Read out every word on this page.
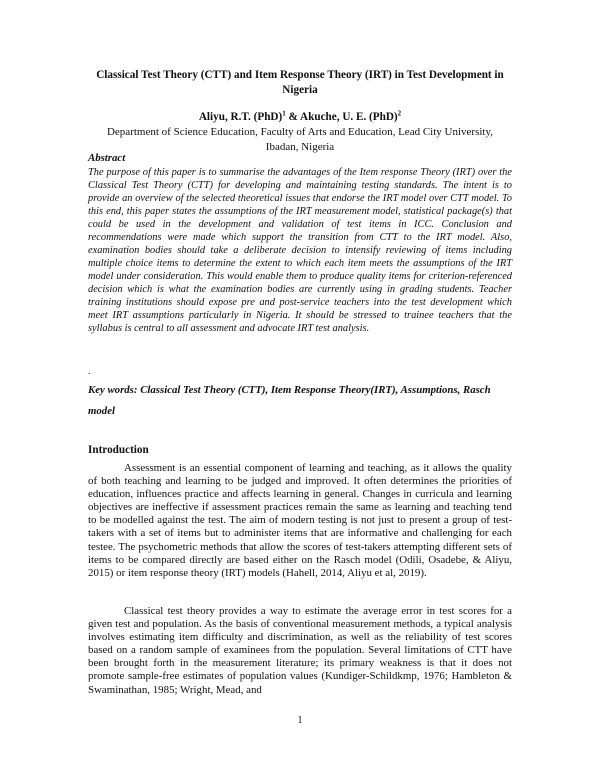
Classical Test Theory (CTT) and Item Response Theory (IRT) in Test Development in Nigeria
Aliyu, R.T. (PhD)$^1$ & Akuche, U. E. (PhD)$^2$
Department of Science Education, Faculty of Arts and Education, Lead City University,
Ibadan, Nigeria
Abstract

The purpose of this paper is to summarise the advantages of the Item response Theory (IRT) over the Classical Test Theory (CTT) for developing and maintaining testing standards. The intent is to provide an overview of the selected theoretical issues that endorse the IRT model over CTT model. To this end, this paper states the assumptions of the IRT measurement model, statistical package(s) that could be used in the development and validation of test items in ICC. Conclusion and recommendations were made which support the transition from CTT to the IRT model. Also, examination bodies should take a deliberate decision to intensify reviewing of items including multiple choice items to determine the extent to which each item meets the assumptions of the IRT model under consideration. This would enable them to produce quality items for criterion-referenced decision which is what the examination bodies are currently using in grading students. Teacher training institutions should expose pre and post-service teachers into the test development which meet IRT assumptions particularly in Nigeria. It should be stressed to trainee teachers that the syllabus is central to all assessment and advocate IRT test analysis.

.
Key words: Classical Test Theory (CTT), Item Response Theory(IRT), Assumptions, Rasch model
Introduction

Assessment is an essential component of learning and teaching, as it allows the quality of both teaching and learning to be judged and improved. It often determines the priorities of education, influences practice and affects learning in general. Changes in curricula and learning objectives are ineffective if assessment practices remain the same as learning and teaching tend to be modelled against the test. The aim of modern testing is not just to present a group of test-takers with a set of items but to administer items that are informative and challenging for each testee. The psychometric methods that allow the scores of test-takers attempting different sets of items to be compared directly are based either on the Rasch model (Odili, Osadebe, & Aliyu, 2015) or item response theory (IRT) models (Hahell, 2014, Aliyu et al, 2019).

Classical test theory provides a way to estimate the average error in test scores for a given test and population. As the basis of conventional measurement methods, a typical analysis involves estimating item difficulty and discrimination, as well as the reliability of test scores based on a random sample of examinees from the population. Several limitations of CTT have been brought forth in the measurement literature; its primary weakness is that it does not promote sample-free estimates of population values (Kundiger-Schildkmp, 1976; Hambleton & Swaminathan, 1985; Wright, Mead, and

1
